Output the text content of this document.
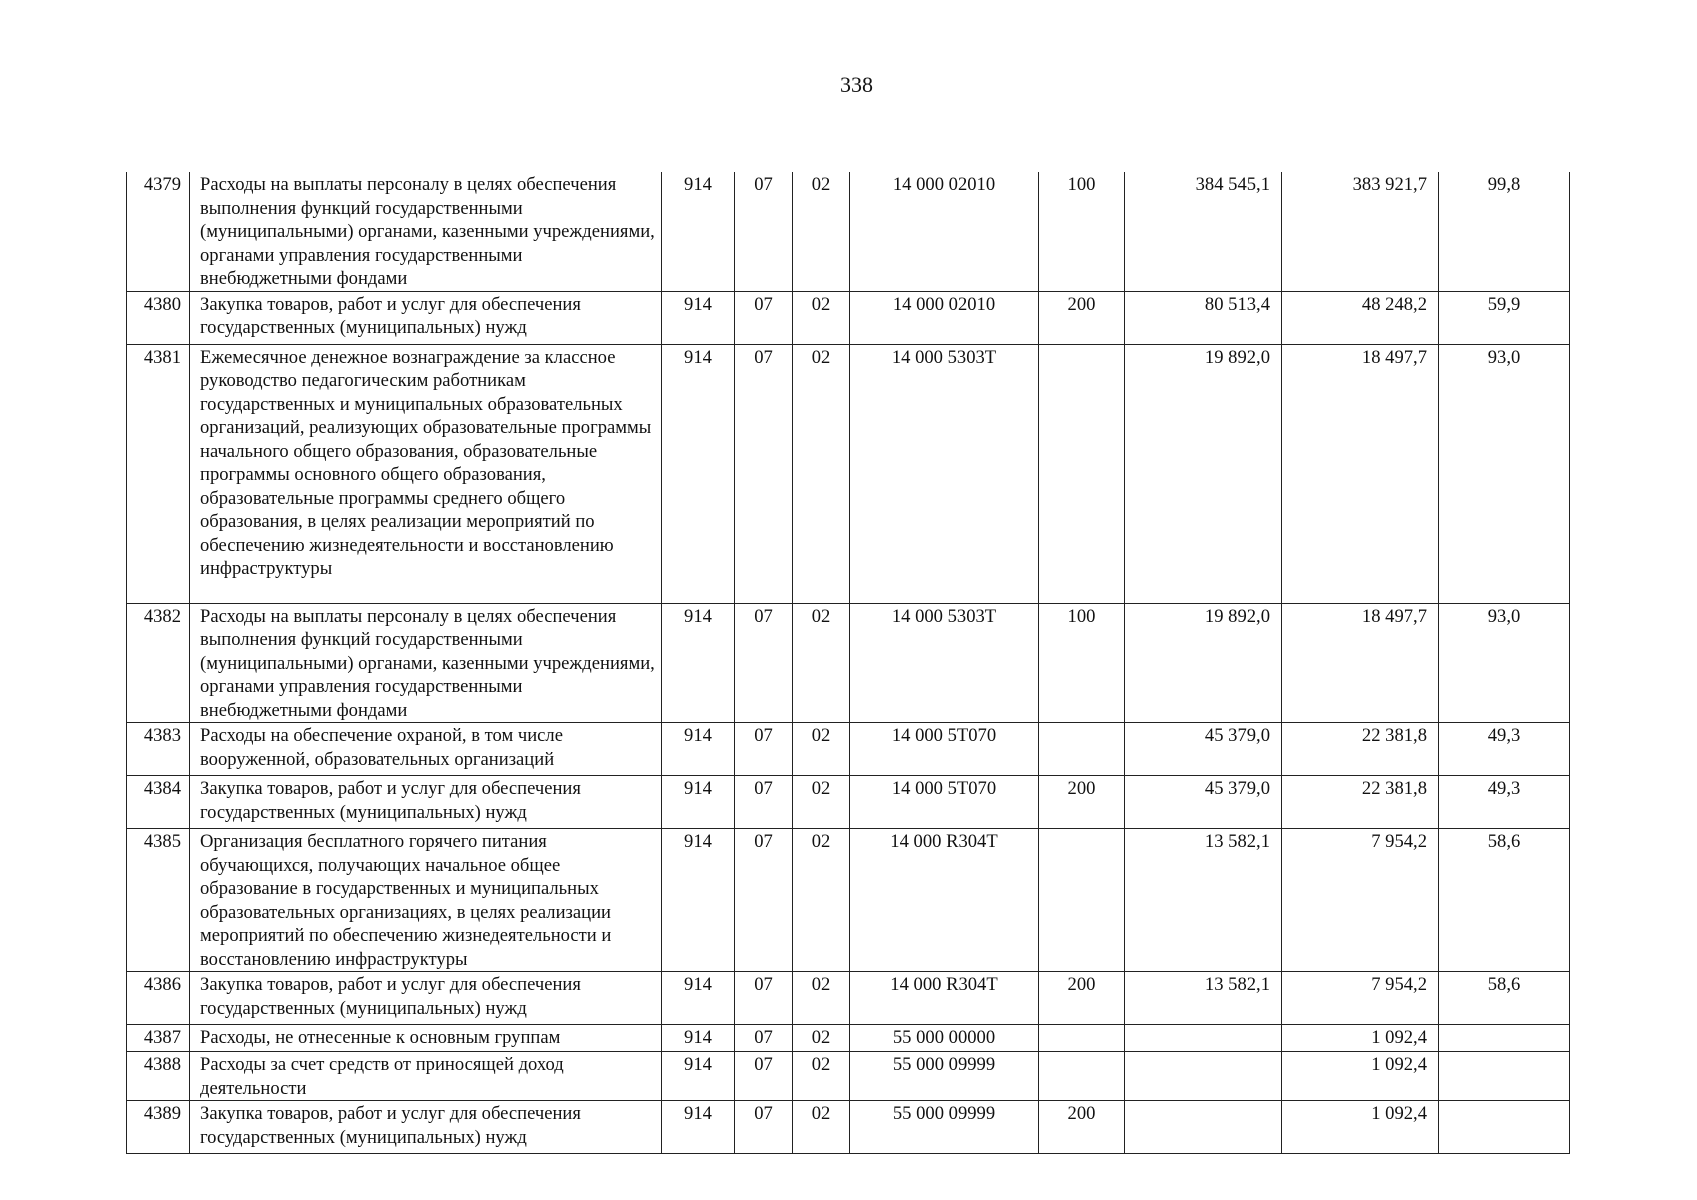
338
4379	Расходы на выплаты персоналу в целях обеспечения выполнения функций государственными (муниципальными) органами, казенными учреждениями, органами управления государственными внебюджетными фондами	914	07	02	14 000 02010	100	384 545,1	383 921,7	99,8
4380	Закупка товаров, работ и услуг для обеспечения государственных (муниципальных) нужд	914	07	02	14 000 02010	200	80 513,4	48 248,2	59,9
4381	Ежемесячное денежное вознаграждение за классное руководство педагогическим работникам государственных и муниципальных образовательных организаций, реализующих образовательные программы начального общего образования, образовательные программы основного общего образования, образовательные программы среднего общего образования, в целях реализации мероприятий по обеспечению жизнедеятельности и восстановлению инфраструктуры	914	07	02	14 000 5303T		19 892,0	18 497,7	93,0
4382	Расходы на выплаты персоналу в целях обеспечения выполнения функций государственными (муниципальными) органами, казенными учреждениями, органами управления государственными внебюджетными фондами	914	07	02	14 000 5303T	100	19 892,0	18 497,7	93,0
4383	Расходы на обеспечение охраной, в том числе вооруженной, образовательных организаций	914	07	02	14 000 5T070		45 379,0	22 381,8	49,3
4384	Закупка товаров, работ и услуг для обеспечения государственных (муниципальных) нужд	914	07	02	14 000 5T070	200	45 379,0	22 381,8	49,3
4385	Организация бесплатного горячего питания обучающихся, получающих начальное общее образование в государственных и муниципальных образовательных организациях, в целях реализации мероприятий по обеспечению жизнедеятельности и восстановлению инфраструктуры	914	07	02	14 000 R304T		13 582,1	7 954,2	58,6
4386	Закупка товаров, работ и услуг для обеспечения государственных (муниципальных) нужд	914	07	02	14 000 R304T	200	13 582,1	7 954,2	58,6
4387	Расходы, не отнесенные к основным группам	914	07	02	55 000 00000			1 092,4	
4388	Расходы за счет средств от приносящей доход деятельности	914	07	02	55 000 09999			1 092,4	
4389	Закупка товаров, работ и услуг для обеспечения государственных (муниципальных) нужд	914	07	02	55 000 09999	200		1 092,4	
